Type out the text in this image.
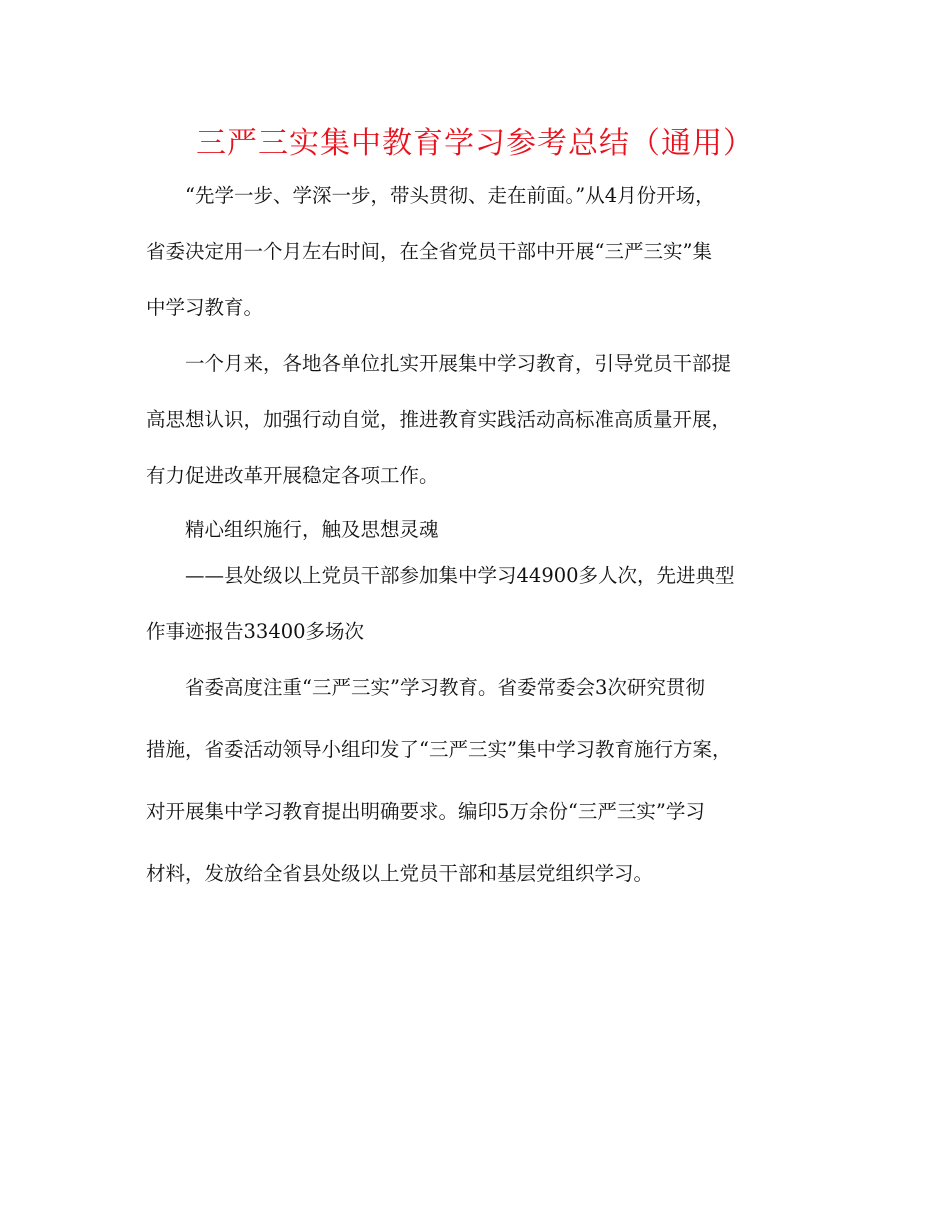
三严三实集中教育学习参考总结（通用）

“先学一步、学深一步，带头贯彻、走在前面。”从4月份开场，
省委决定用一个月左右时间，在全省党员干部中开展“三严三实”集
中学习教育。

一个月来，各地各单位扎实开展集中学习教育，引导党员干部提
高思想认识，加强行动自觉，推进教育实践活动高标准高质量开展，
有力促进改革开展稳定各项工作。

精心组织施行，触及思想灵魂

——县处级以上党员干部参加集中学习44900多人次，先进典型
作事迹报告33400多场次

省委高度注重“三严三实”学习教育。省委常委会3次研究贯彻
措施，省委活动领导小组印发了“三严三实”集中学习教育施行方案，
对开展集中学习教育提出明确要求。编印5万余份“三严三实”学习
材料，发放给全省县处级以上党员干部和基层党组织学习。
